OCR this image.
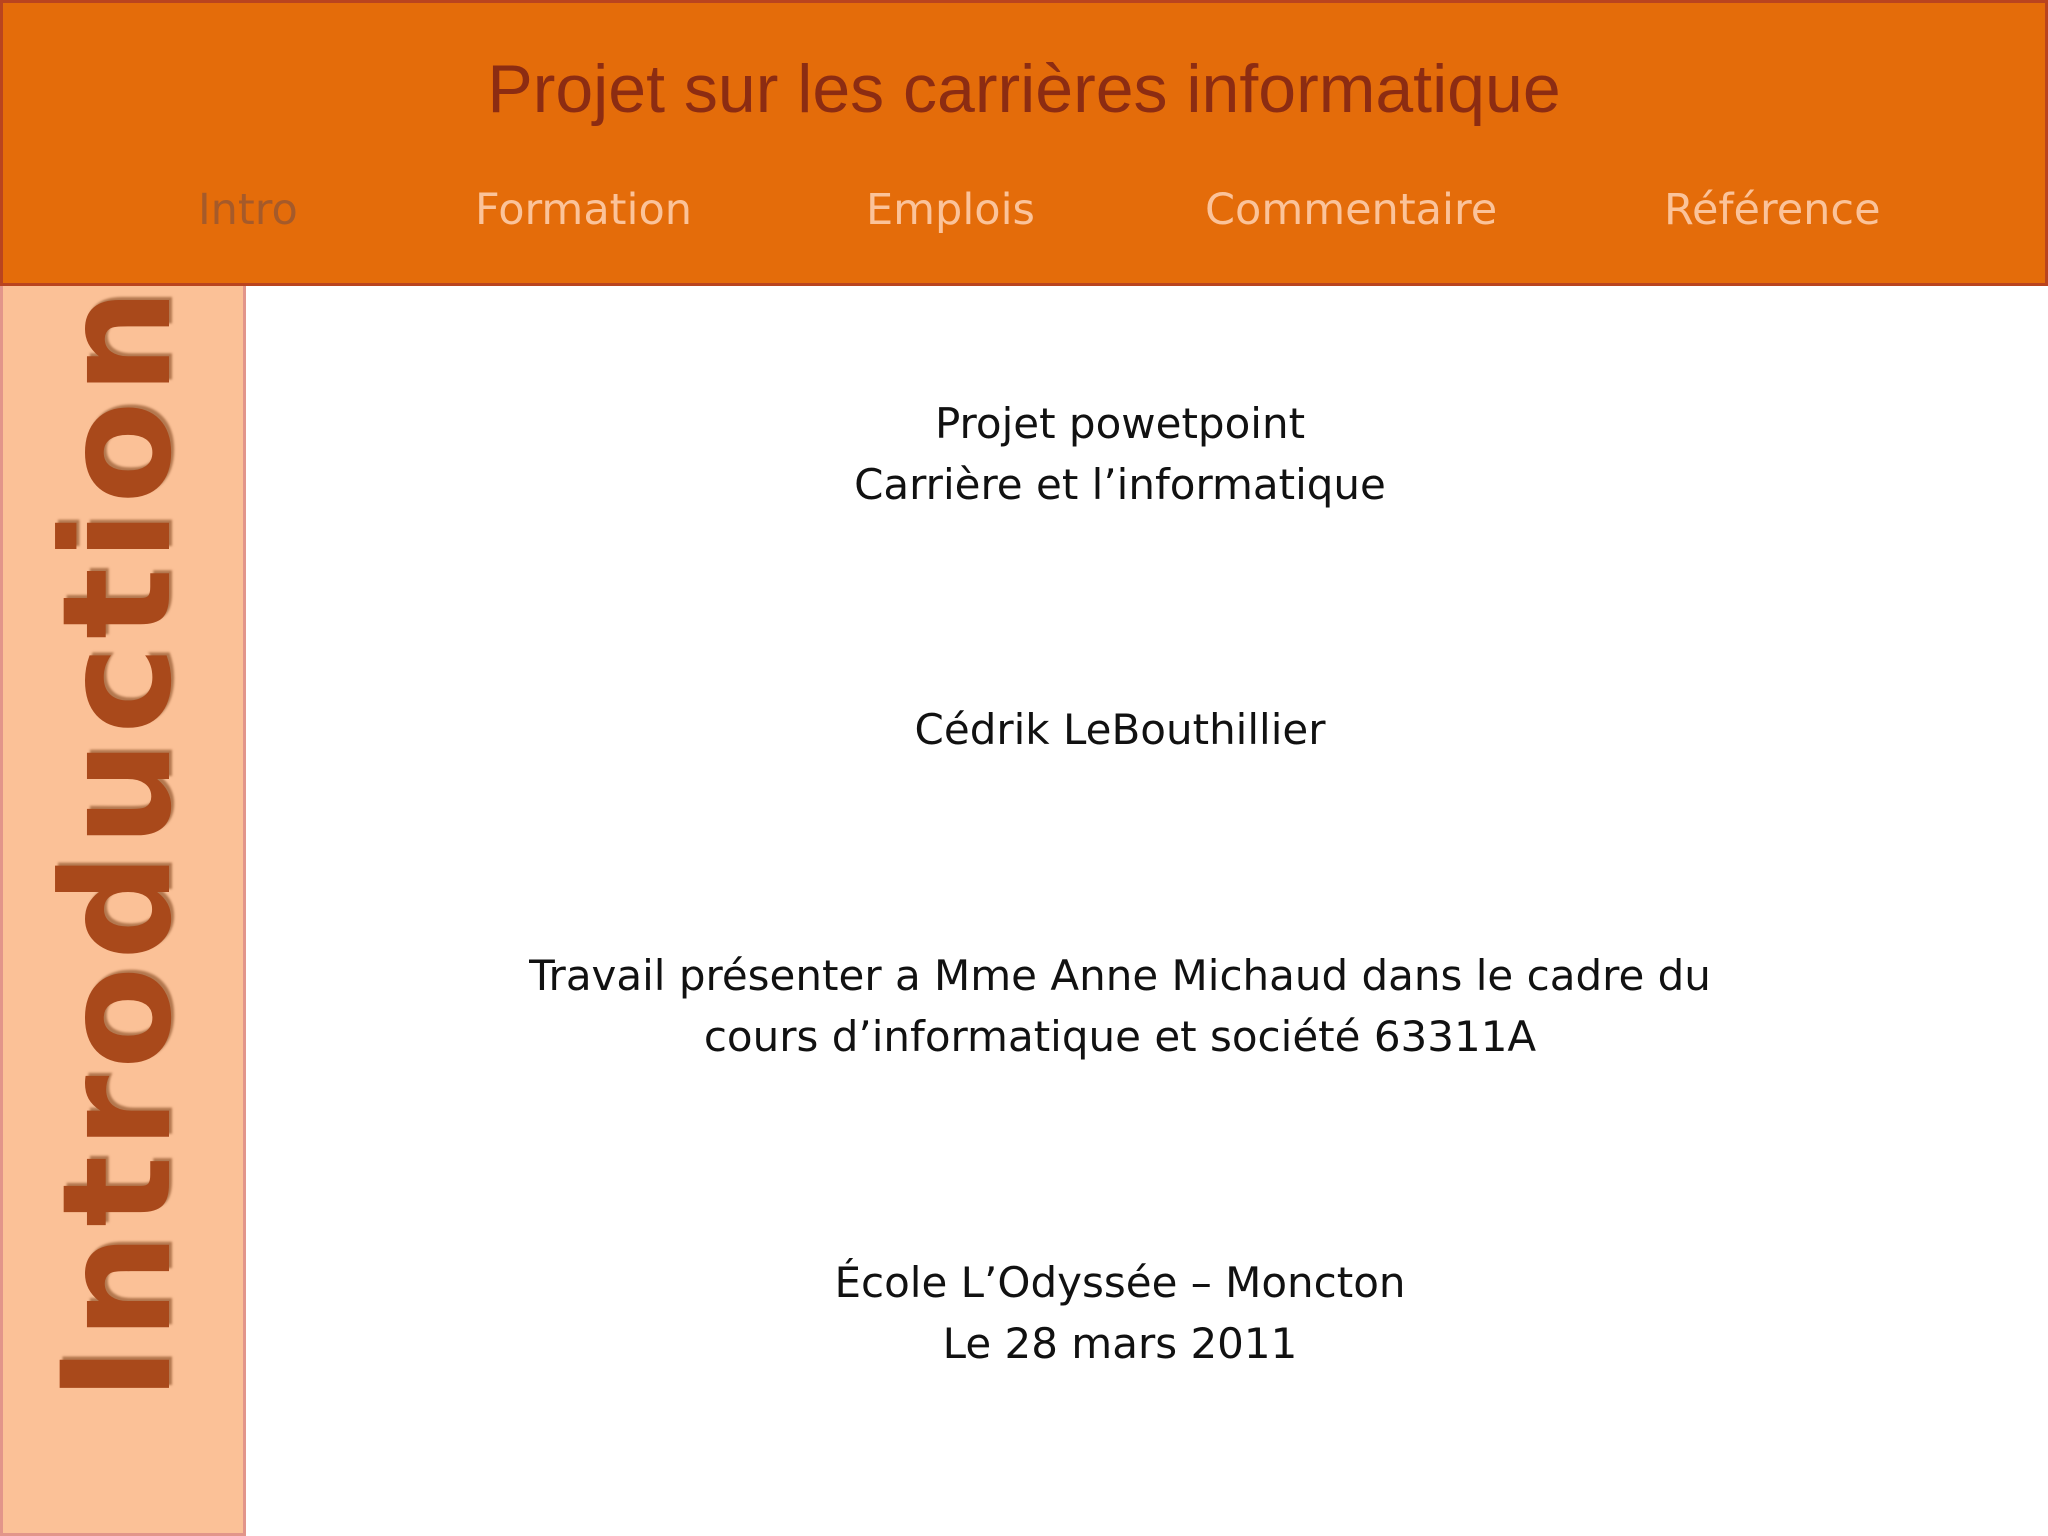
Projet sur les carrières informatique
Intro	Formation	Emplois	Commentaire	Référence
Introduction	Projet powetpoint
Carrière et l’informatique
Cédrik LeBouthillier
Travail présenter a Mme Anne Michaud dans le cadre du
cours d’informatique et société 63311A
École L’Odyssée – Moncton
Le 28 mars 2011
